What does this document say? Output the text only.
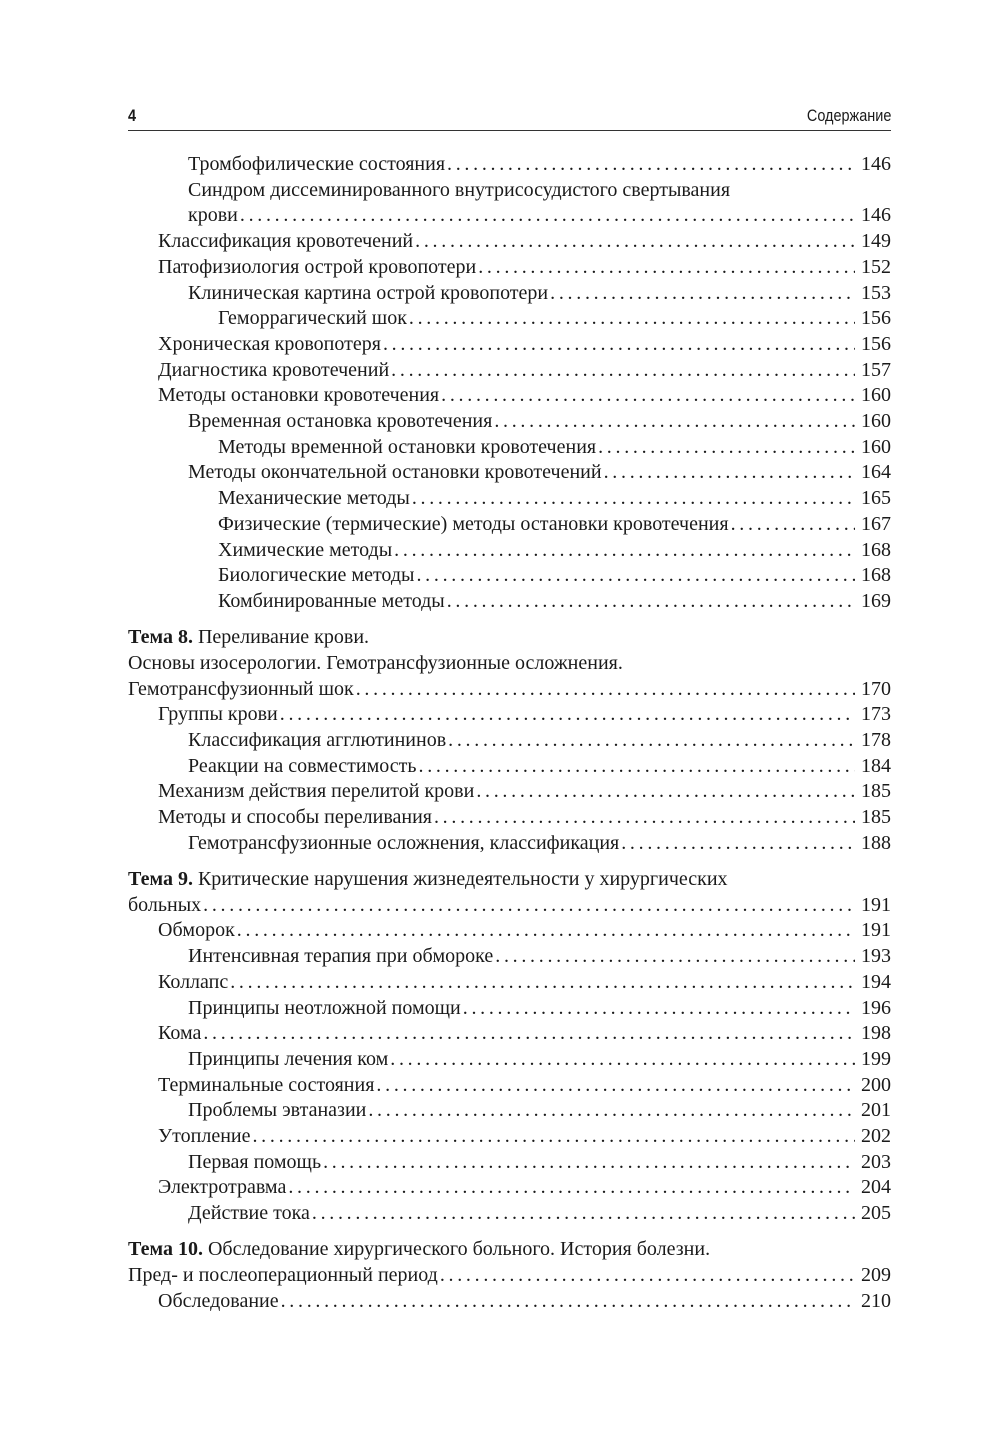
4	Содержание
Тромбофилические состояния . . .	146
Синдром диссеминированного внутрисосудистого свертывания
крови . . .	146
Классификация кровотечений . . .	149
Патофизиология острой кровопотери . . .	152
Клиническая картина острой кровопотери . . .	153
Геморрагический шок . . .	156
Хроническая кровопотеря . . .	156
Диагностика кровотечений . . .	157
Методы остановки кровотечения . . .	160
Временная остановка кровотечения . . .	160
Методы временной остановки кровотечения . . .	160
Методы окончательной остановки кровотечений . . .	164
Механические методы . . .	165
Физические (термические) методы остановки кровотечения . . .	167
Химические методы . . .	168
Биологические методы . . .	168
Комбинированные методы . . .	169
Тема 8. Переливание крови.
Основы изосерологии. Гемотрансфузионные осложнения.
Гемотрансфузионный шок . . .	170
Группы крови . . .	173
Классификация агглютининов . . .	178
Реакции на совместимость . . .	184
Механизм действия перелитой крови . . .	185
Методы и способы переливания . . .	185
Гемотрансфузионные осложнения, классификация . . .	188
Тема 9. Критические нарушения жизнедеятельности у хирургических
больных . . .	191
Обморок . . .	191
Интенсивная терапия при обмороке . . .	193
Коллапс . . .	194
Принципы неотложной помощи . . .	196
Кома . . .	198
Принципы лечения ком . . .	199
Терминальные состояния . . .	200
Проблемы эвтаназии . . .	201
Утопление . . .	202
Первая помощь . . .	203
Электротравма . . .	204
Действие тока . . .	205
Тема 10. Обследование хирургического больного. История болезни.
Пред- и послеоперационный период . . .	209
Обследование . . .	210
